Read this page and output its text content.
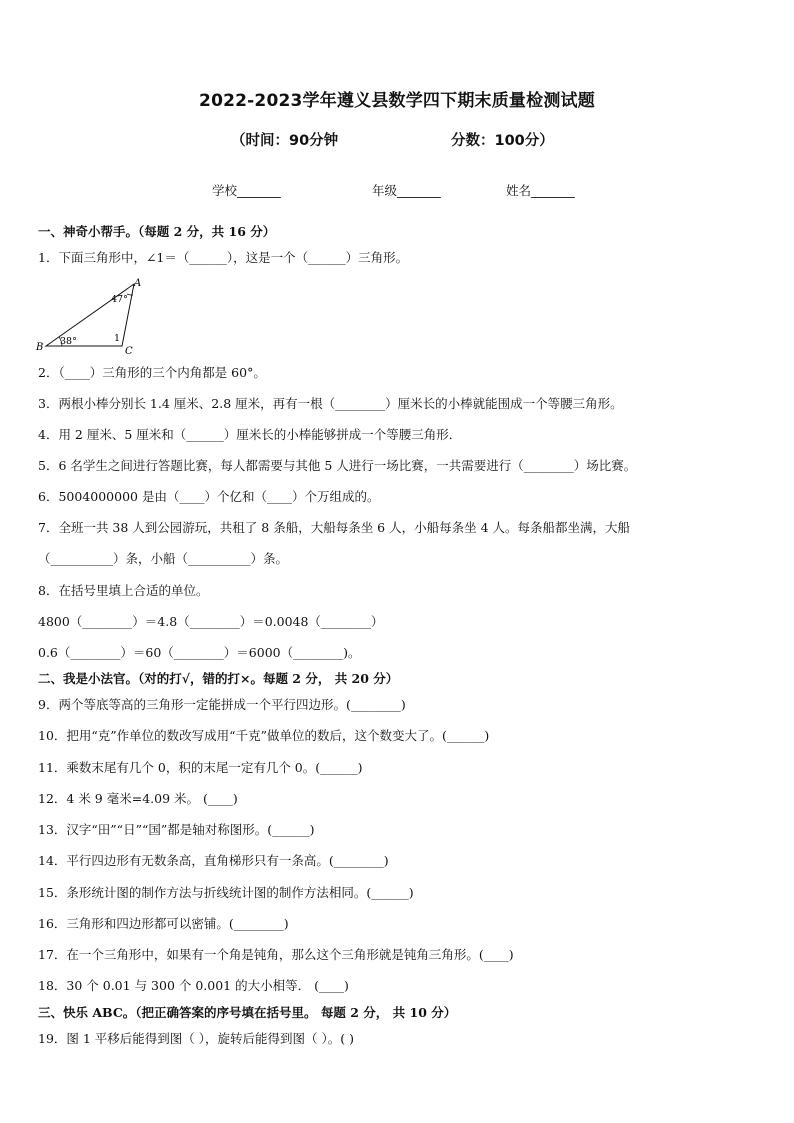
2022-2023学年遵义县数学四下期末质量检测试题
（时间：90分钟	分数：100分）
学校_______	年级_______	姓名_______
一、神奇小帮手。（每题 2 分，共 16 分）
1．下面三角形中，∠1＝（______），这是一个（______）三角形。
A
B	C
47°
38°	1
2．（____）三角形的三个内角都是 60°。
3．两根小棒分别长 1.4 厘米、2.8 厘米，再有一根（________）厘米长的小棒就能围成一个等腰三角形。
4．用 2 厘米、5 厘米和（______）厘米长的小棒能够拼成一个等腰三角形．
5．6 名学生之间进行答题比赛，每人都需要与其他 5 人进行一场比赛，一共需要进行（________）场比赛。
6．5004000000 是由（____）个亿和（____）个万组成的。
7．全班一共 38 人到公园游玩，共租了 8 条船，大船每条坐 6 人，小船每条坐 4 人。每条船都坐满，大船
（__________）条，小船（__________）条。
8．在括号里填上合适的单位。
4800（________）＝4.8（________）＝0.0048（________）
0.6（________）＝60（________）＝6000（________)。
二、我是小法官。（对的打√，错的打×。每题 2 分， 共 20 分）
9．两个等底等高的三角形一定能拼成一个平行四边形。(________)
10．把用“克”作单位的数改写成用“千克”做单位的数后，这个数变大了。(______)
11．乘数末尾有几个 0，积的末尾一定有几个 0。(______)
12．4 米 9 毫米=4.09 米。 (____)
13．汉字“田”“日”“国”都是轴对称图形。(______)
14．平行四边形有无数条高，直角梯形只有一条高。(________)
15．条形统计图的制作方法与折线统计图的制作方法相同。(______)
16．三角形和四边形都可以密铺。(________)
17．在一个三角形中，如果有一个角是钝角，那么这个三角形就是钝角三角形。(____)
18．30 个 0.01 与 300 个 0.001 的大小相等． (____)
三、快乐 ABC。（把正确答案的序号填在括号里。 每题 2 分， 共 10 分）
19．图 1 平移后能得到图（ ），旋转后能得到图（ ）。( )
